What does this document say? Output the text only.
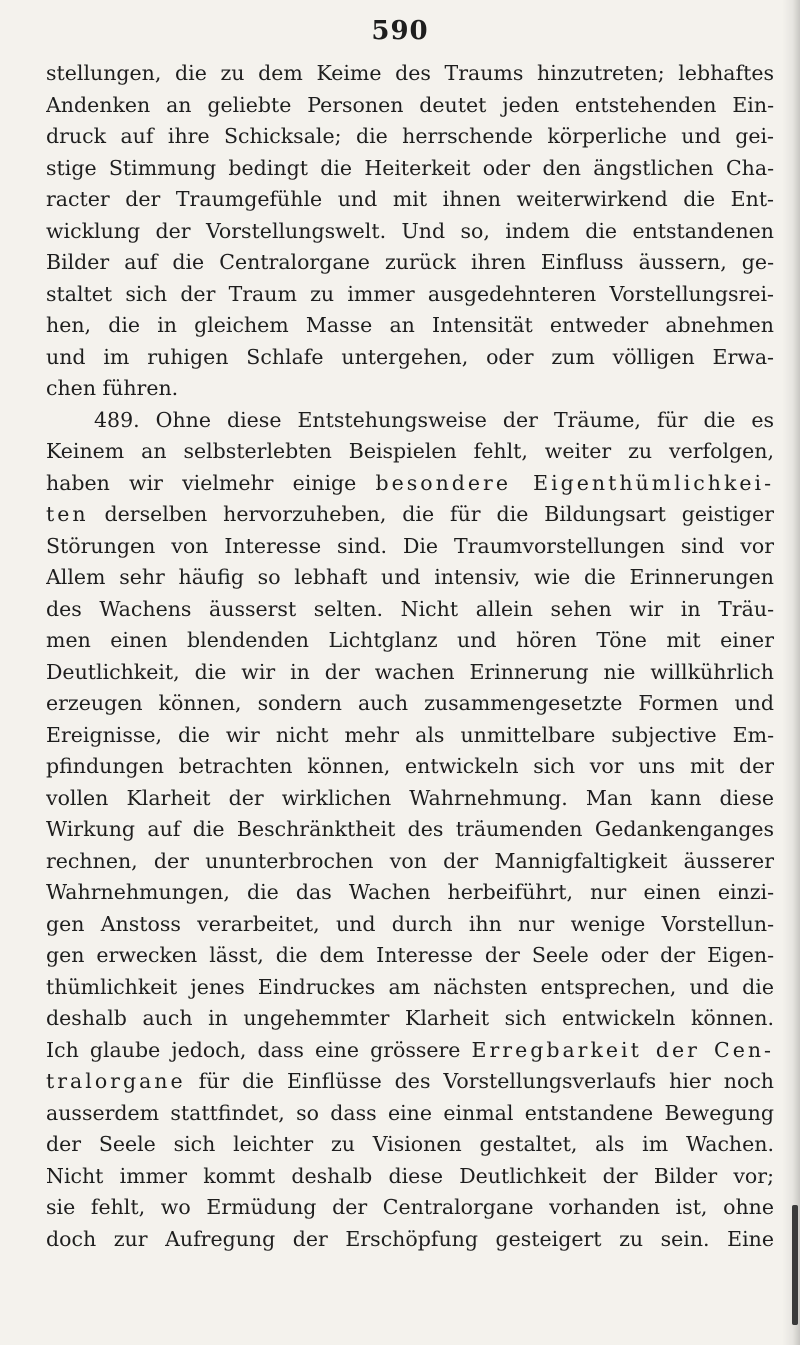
590
stellungen, die zu dem Keime des Traums hinzutreten; lebhaftes
Andenken an geliebte Personen deutet jeden entstehenden Ein-
druck auf ihre Schicksale; die herrschende körperliche und gei-
stige Stimmung bedingt die Heiterkeit oder den ängstlichen Cha-
racter der Traumgefühle und mit ihnen weiterwirkend die Ent-
wicklung der Vorstellungswelt. Und so, indem die entstandenen
Bilder auf die Centralorgane zurück ihren Einfluss äussern, ge-
staltet sich der Traum zu immer ausgedehnteren Vorstellungsrei-
hen, die in gleichem Masse an Intensität entweder abnehmen
und im ruhigen Schlafe untergehen, oder zum völligen Erwa-
chen führen.
489. Ohne diese Entstehungsweise der Träume, für die es
Keinem an selbsterlebten Beispielen fehlt, weiter zu verfolgen,
haben wir vielmehr einige besondere Eigenthümlichkei-
ten derselben hervorzuheben, die für die Bildungsart geistiger
Störungen von Interesse sind. Die Traumvorstellungen sind vor
Allem sehr häufig so lebhaft und intensiv, wie die Erinnerungen
des Wachens äusserst selten. Nicht allein sehen wir in Träu-
men einen blendenden Lichtglanz und hören Töne mit einer
Deutlichkeit, die wir in der wachen Erinnerung nie willkührlich
erzeugen können, sondern auch zusammengesetzte Formen und
Ereignisse, die wir nicht mehr als unmittelbare subjective Em-
pfindungen betrachten können, entwickeln sich vor uns mit der
vollen Klarheit der wirklichen Wahrnehmung. Man kann diese
Wirkung auf die Beschränktheit des träumenden Gedankenganges
rechnen, der ununterbrochen von der Mannigfaltigkeit äusserer
Wahrnehmungen, die das Wachen herbeiführt, nur einen einzi-
gen Anstoss verarbeitet, und durch ihn nur wenige Vorstellun-
gen erwecken lässt, die dem Interesse der Seele oder der Eigen-
thümlichkeit jenes Eindruckes am nächsten entsprechen, und die
deshalb auch in ungehemmter Klarheit sich entwickeln können.
Ich glaube jedoch, dass eine grössere Erregbarkeit der Cen-
tralorgane für die Einflüsse des Vorstellungsverlaufs hier noch
ausserdem stattfindet, so dass eine einmal entstandene Bewegung
der Seele sich leichter zu Visionen gestaltet, als im Wachen.
Nicht immer kommt deshalb diese Deutlichkeit der Bilder vor;
sie fehlt, wo Ermüdung der Centralorgane vorhanden ist, ohne
doch zur Aufregung der Erschöpfung gesteigert zu sein. Eine
